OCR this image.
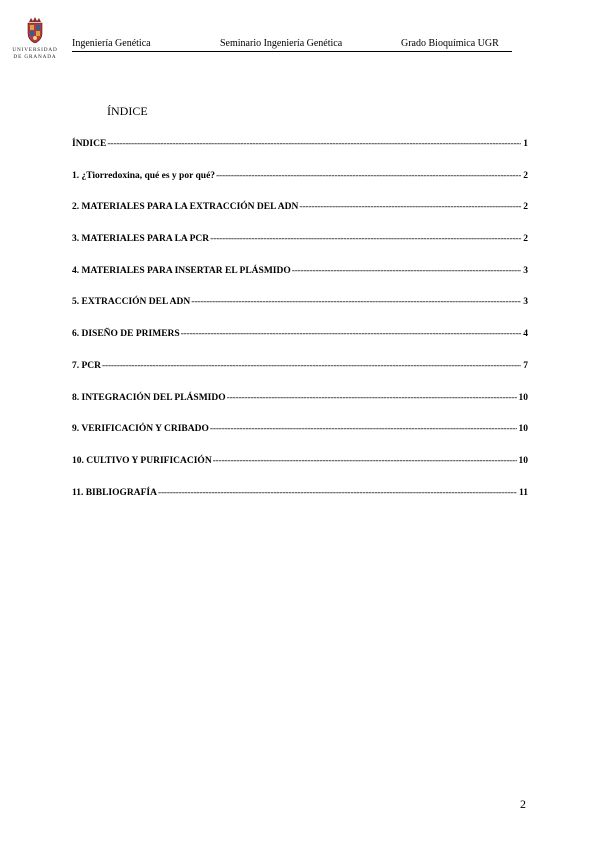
UNIVERSIDAD
DE GRANADA
Ingeniería Genética	Seminario Ingeniería Genética	Grado Bioquímica UGR
ÍNDICE
ÍNDICE -----	1
1. ¿Tiorredoxina, qué es y por qué? -----	2
2. MATERIALES PARA LA EXTRACCIÓN DEL ADN -----	2
3. MATERIALES PARA LA PCR -----	2
4. MATERIALES PARA INSERTAR EL PLÁSMIDO -----	3
5. EXTRACCIÓN DEL ADN -----	3
6. DISEÑO DE PRIMERS -----	4
7. PCR -----	7
8. INTEGRACIÓN DEL PLÁSMIDO -----	10
9. VERIFICACIÓN Y CRIBADO -----	10
10. CULTIVO Y PURIFICACIÓN -----	10
11. BIBLIOGRAFÍA -----	11
2
